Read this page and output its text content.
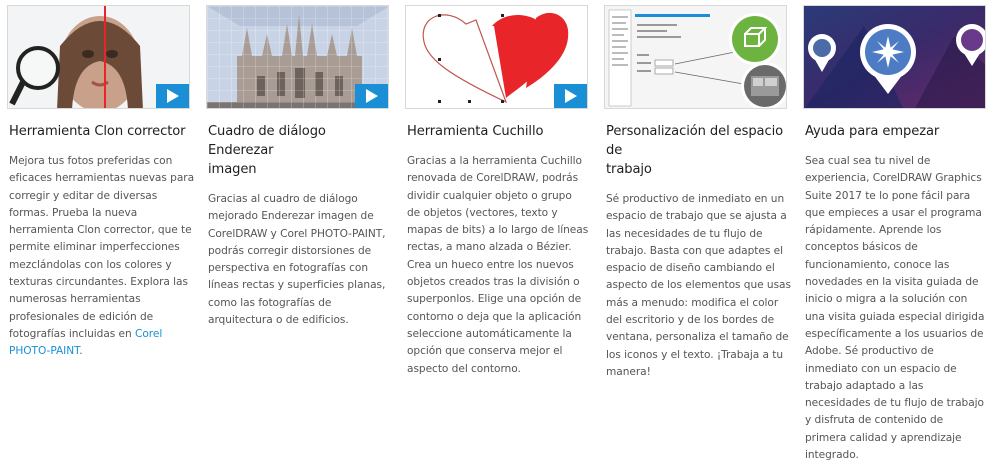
Herramienta Clon corrector
Mejora tus fotos preferidas con
eficaces herramientas nuevas para
corregir y editar de diversas
formas. Prueba la nueva
herramienta Clon corrector, que te
permite eliminar imperfecciones
mezclándolas con los colores y
texturas circundantes. Explora las
numerosas herramientas
profesionales de edición de
fotografías incluidas en Corel
PHOTO-PAINT.
Cuadro de diálogo Enderezar
imagen
Gracias al cuadro de diálogo
mejorado Enderezar imagen de
CorelDRAW y Corel PHOTO-PAINT,
podrás corregir distorsiones de
perspectiva en fotografías con
líneas rectas y superficies planas,
como las fotografías de
arquitectura o de edificios.
Herramienta Cuchillo
Gracias a la herramienta Cuchillo
renovada de CorelDRAW, podrás
dividir cualquier objeto o grupo
de objetos (vectores, texto y
mapas de bits) a lo largo de líneas
rectas, a mano alzada o Bézier.
Crea un hueco entre los nuevos
objetos creados tras la división o
superponlos. Elige una opción de
contorno o deja que la aplicación
seleccione automáticamente la
opción que conserva mejor el
aspecto del contorno.
Personalización del espacio de
trabajo
Sé productivo de inmediato en un
espacio de trabajo que se ajusta a
las necesidades de tu flujo de
trabajo. Basta con que adaptes el
espacio de diseño cambiando el
aspecto de los elementos que usas
más a menudo: modifica el color
del escritorio y de los bordes de
ventana, personaliza el tamaño de
los iconos y el texto. ¡Trabaja a tu
manera!
Ayuda para empezar
Sea cual sea tu nivel de
experiencia, CorelDRAW Graphics
Suite 2017 te lo pone fácil para
que empieces a usar el programa
rápidamente. Aprende los
conceptos básicos de
funcionamiento, conoce las
novedades en la visita guiada de
inicio o migra a la solución con
una visita guiada especial dirigida
específicamente a los usuarios de
Adobe. Sé productivo de
inmediato con un espacio de
trabajo adaptado a las
necesidades de tu flujo de trabajo
y disfruta de contenido de
primera calidad y aprendizaje
integrado.
